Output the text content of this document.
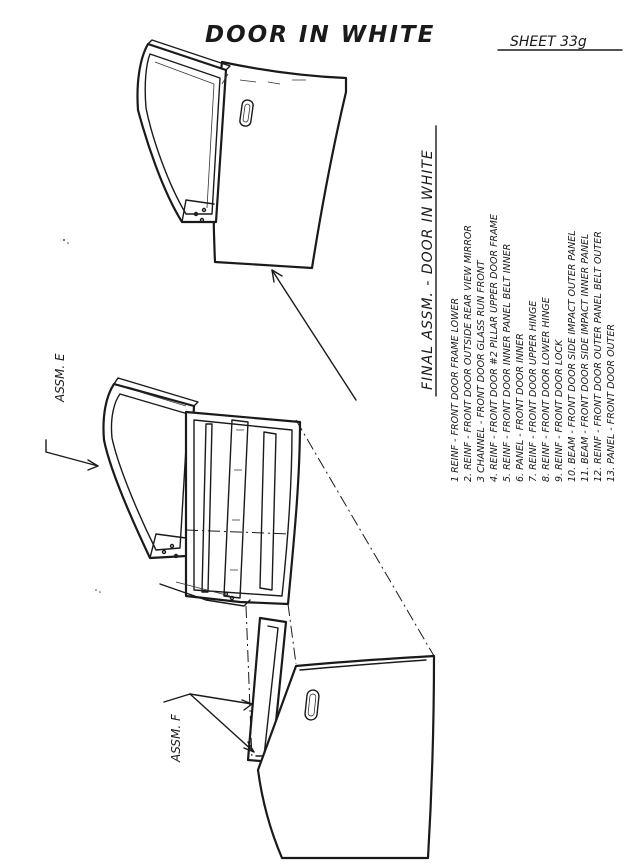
DOOR IN WHITE	SHEET 33g
ASSM. E
ASSM. F
FINAL ASSM. - DOOR IN WHITE 1 REINF - FRONT DOOR FRAME LOWER 2. REINF - FRONT DOOR OUTSIDE REAR VIEW MIRROR 3 CHANNEL - FRONT DOOR GLASS RUN FRONT 4. REINF - FRONT DOOR #2 PILLAR UPPER DOOR FRAME 5. REINF - FRONT DOOR INNER PANEL BELT INNER 6. PANEL - FRONT DOOR INNER 7. REINF - FRONT DOOR UPPER HINGE 8. REINF - FRONT DOOR LOWER HINGE 9. REINF - FRONT DOOR LOCK 10. BEAM - FRONT DOOR SIDE IMPACT OUTER PANEL 11. BEAM - FRONT DOOR SIDE IMPACT INNER PANEL 12. REINF - FRONT DOOR OUTER PANEL BELT OUTER 13. PANEL - FRONT DOOR OUTER
